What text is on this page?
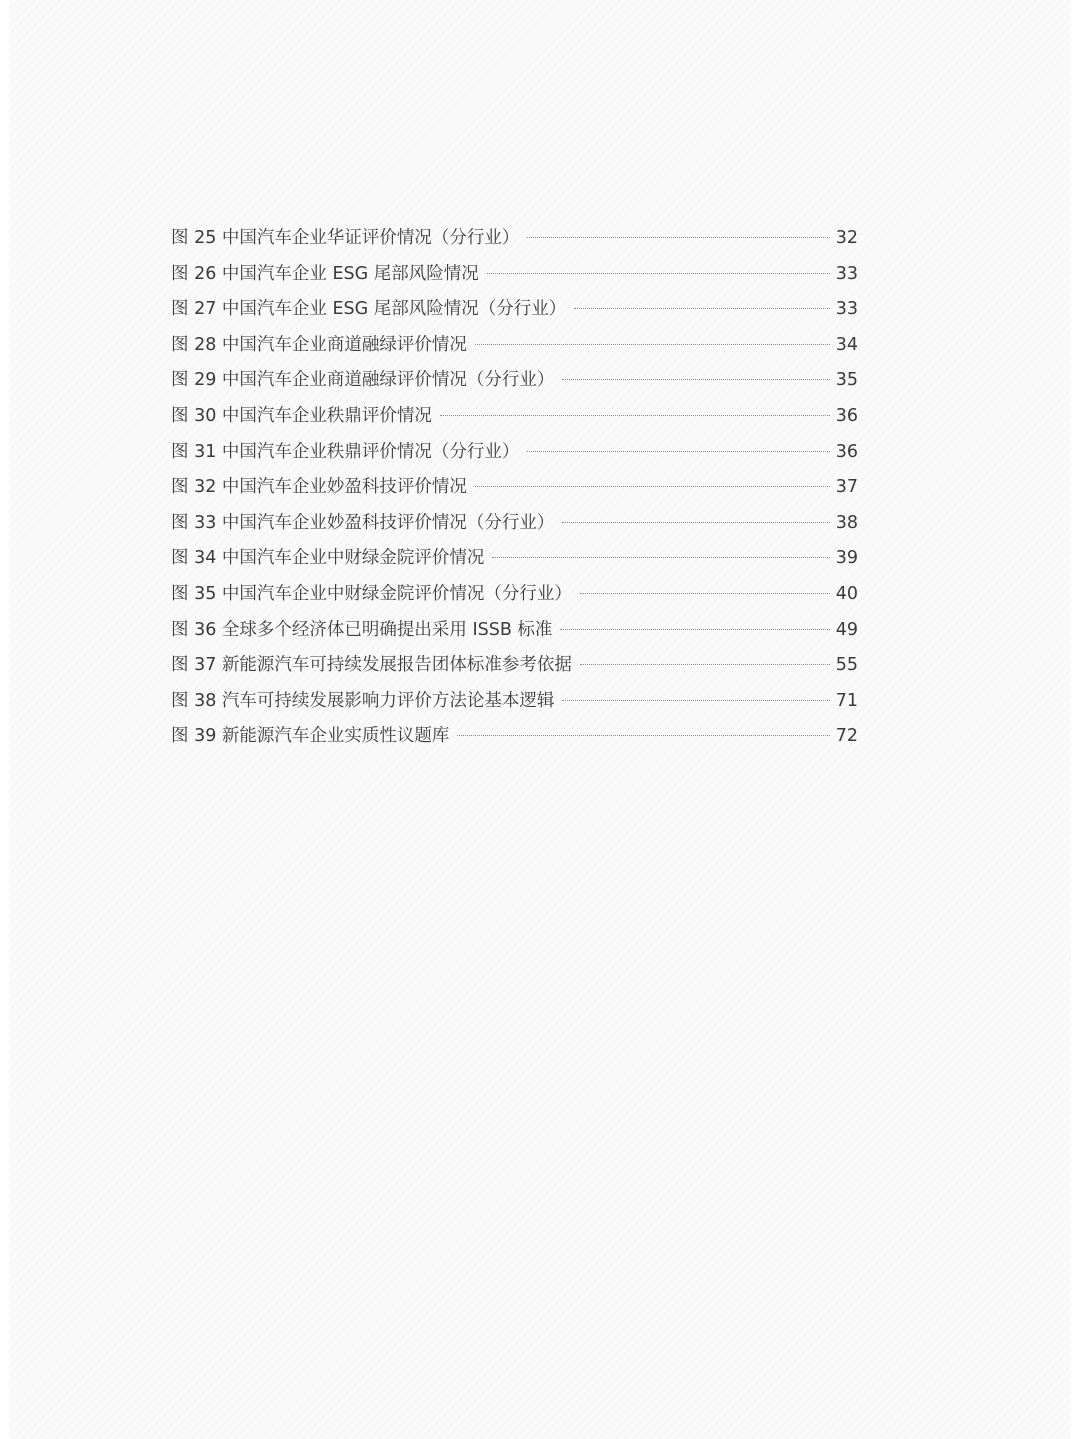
图 25 中国汽车企业华证评价情况（分行业）	32
图 26 中国汽车企业 ESG 尾部风险情况	33
图 27 中国汽车企业 ESG 尾部风险情况（分行业）	33
图 28 中国汽车企业商道融绿评价情况	34
图 29 中国汽车企业商道融绿评价情况（分行业）	35
图 30 中国汽车企业秩鼎评价情况	36
图 31 中国汽车企业秩鼎评价情况（分行业）	36
图 32 中国汽车企业妙盈科技评价情况	37
图 33 中国汽车企业妙盈科技评价情况（分行业）	38
图 34 中国汽车企业中财绿金院评价情况	39
图 35 中国汽车企业中财绿金院评价情况（分行业）	40
图 36 全球多个经济体已明确提出采用 ISSB 标准	49
图 37 新能源汽车可持续发展报告团体标准参考依据	55
图 38 汽车可持续发展影响力评价方法论基本逻辑	71
图 39 新能源汽车企业实质性议题库	72
